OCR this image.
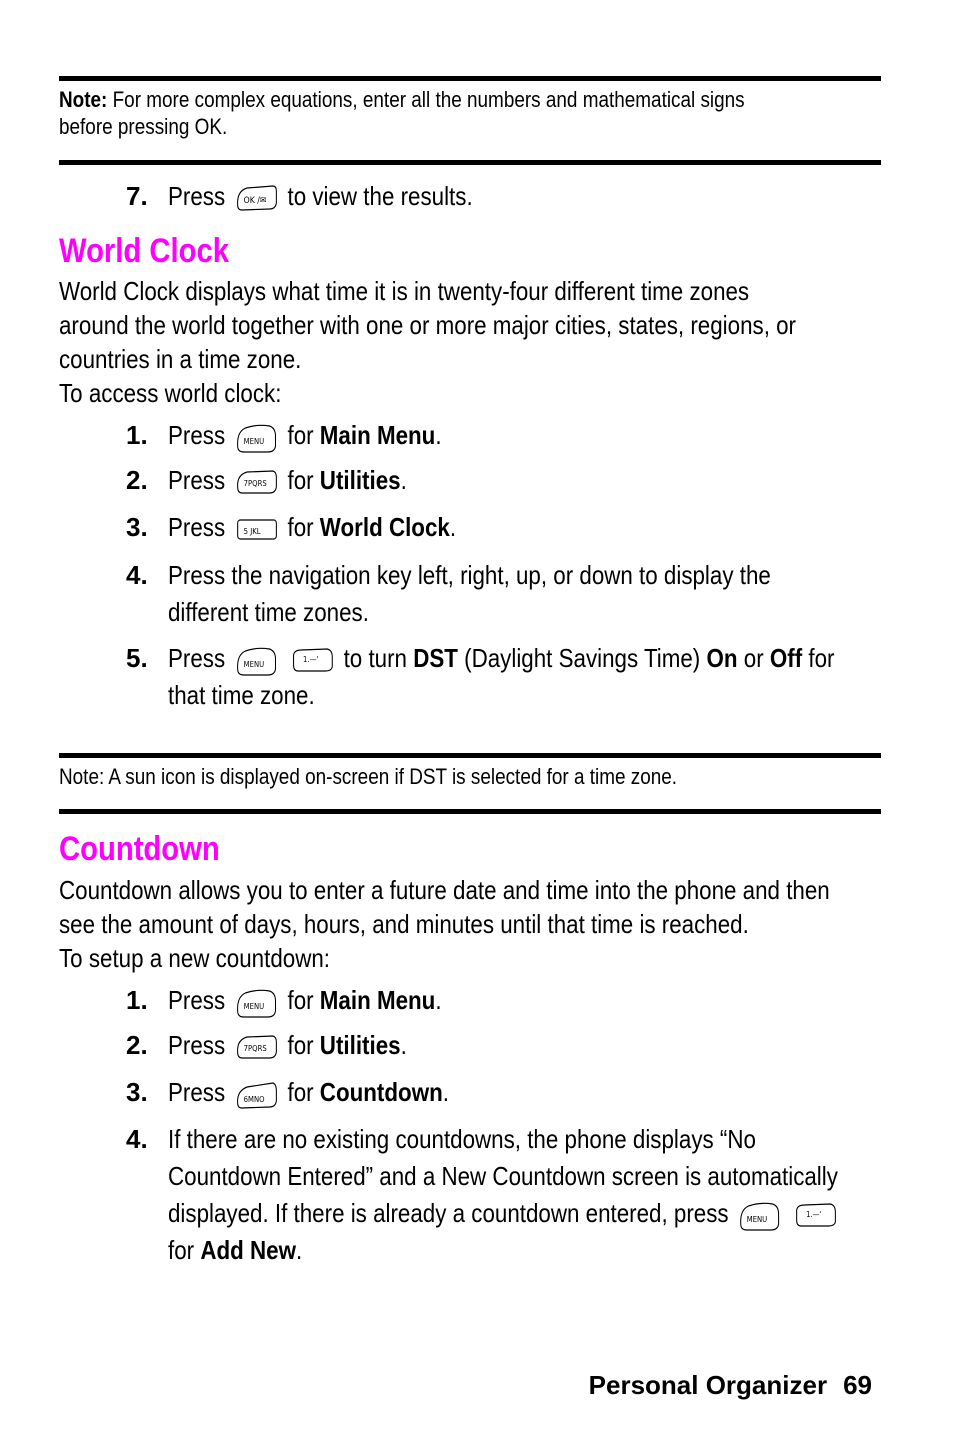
Note: For more complex equations, enter all the numbers and mathematical signs
before pressing OK.
7. Press OK /✉ to view the results.
World Clock
World Clock displays what time it is in twenty-four different time zones
around the world together with one or more major cities, states, regions, or
countries in a time zone.
To access world clock:
1. Press MENU for Main Menu.
2. Press 7PQRS for Utilities.
3. Press 5 JKL for World Clock.
4. Press the navigation key left, right, up, or down to display the
different time zones.
5. Press MENU

1.—' to turn DST (Daylight Savings Time) On or Off for
that time zone.
Note: A sun icon is displayed on-screen if DST is selected for a time zone.
Countdown
Countdown allows you to enter a future date and time into the phone and then
see the amount of days, hours, and minutes until that time is reached.
To setup a new countdown:
1. Press MENU for Main Menu.
2. Press 7PQRS for Utilities.
3. Press 6MNO for Countdown.
4. If there are no existing countdowns, the phone displays “No
Countdown Entered” and a New Countdown screen is automatically
displayed. If there is already a countdown entered, press MENU

1.—'
for Add New.
Personal Organizer 69
